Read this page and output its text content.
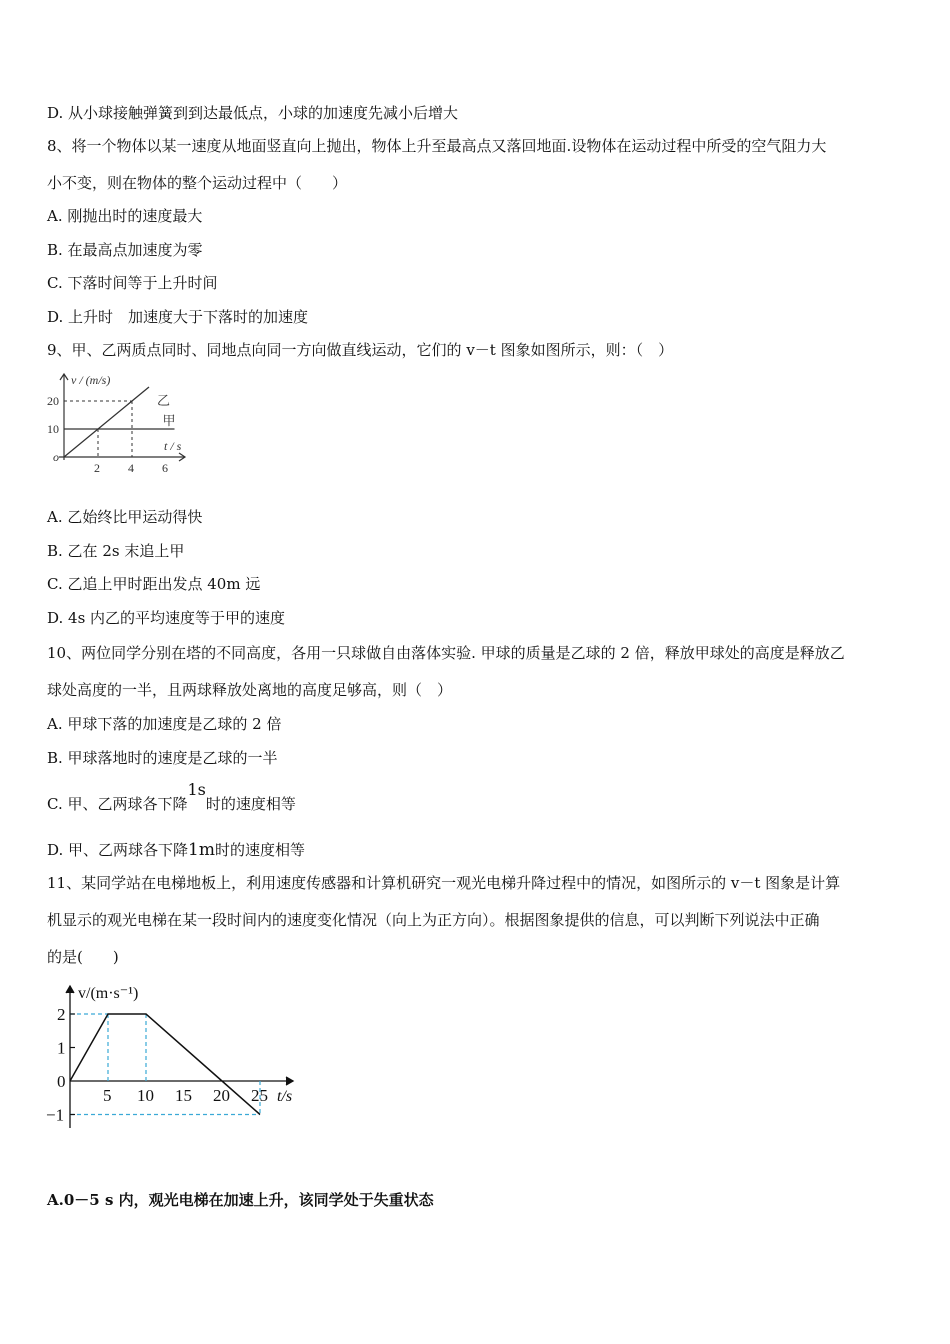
D. 从小球接触弹簧到到达最低点，小球的加速度先减小后增大
8、将一个物体以某一速度从地面竖直向上抛出，物体上升至最高点又落回地面.设物体在运动过程中所受的空气阻力大
小不变，则在物体的整个运动过程中（　　）
A. 刚抛出时的速度最大
B. 在最高点加速度为零
C. 下落时间等于上升时间
D. 上升时　加速度大于下落时的加速度
9、甲、乙两质点同时、同地点向同一方向做直线运动，它们的 v－t 图象如图所示，则：（　）
v / (m/s)
t / s
o
2 4 6
10
20	乙
甲
A. 乙始终比甲运动得快
B. 乙在 2s 末追上甲
C. 乙追上甲时距出发点 40m 远
D. 4s 内乙的平均速度等于甲的速度
10、两位同学分别在塔的不同高度，各用一只球做自由落体实验. 甲球的质量是乙球的 2 倍，释放甲球处的高度是释放乙
球处高度的一半，且两球释放处离地的高度足够高，则（　）
A. 甲球下落的加速度是乙球的 2 倍
B. 甲球落地时的速度是乙球的一半
C. 甲、乙两球各下降1s时的速度相等
D. 甲、乙两球各下降1m时的速度相等
11、某同学站在电梯地板上，利用速度传感器和计算机研究一观光电梯升降过程中的情况，如图所示的 v－t 图象是计算
机显示的观光电梯在某一段时间内的速度变化情况（向上为正方向）。根据图象提供的信息，可以判断下列说法中正确
的是(　　)
v/(m·s⁻¹)
t/s
5 10 15 20 25
2
1
0
−1
A.0－5 s 内，观光电梯在加速上升，该同学处于失重状态
